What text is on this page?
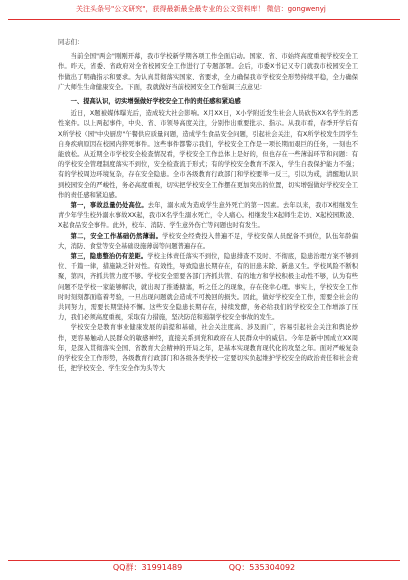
关注头条号"公文研究"，获得最新最全最专业的公文资料库！ 微信：gongwenyj

同志们：

当前全国"两会"刚刚开幕，我市学校新学期各项工作全面启动。国家、省、市始终高度重视学校安全工作。昨天，省委、省政府对全省校园安全工作进行了专题部署。会后，市委X书记又专门就我市校园安全工作做出了明确指示和要求。为认真贯彻落实国家、省要求，全力确保我市学校安全形势持续平稳，全力确保广大师生生命健康安全。下面，我就做好当前校园安全工作强调三点意见：

一、提高认识，切实增强做好学校安全工作的责任感和紧迫感

近日，X题被媒体曝光后，造成较大社会影响。X月XX日，X小学附近发生社会人员砍伤XX名学生的恶性案件。以上两起事件，中央、省、市领导高度关注，分别作出重要批示、指示。从我市看，春季开学后有X所学校（园"中央厨房"午餐供应质量问题，造成学生食品安全问题，引起社会关注，有X所学校发生因学生自身疾病原因在校园内猝死事件。这些事件都警示我们，学校安全工作是一项长期而艰巨的任务，一刻也不能放松。从近期全市学校安全检查情况看，学校安全工作总体上是好的，但也存在一些薄弱环节和问题：有的学校安全管理制度落实不到位，安全检查流于形式；有的学校安全教育不深入，学生自我保护能力不强；有的学校周边环境复杂，存在安全隐患。全市各级教育行政部门和学校要举一反三，引以为戒，清醒地认识到校园安全的严峻性，务必高度重视，切实把学校安全工作摆在更加突出的位置，切实增强做好学校安全工作的责任感和紧迫感。

第一，事故总量仍处高位。去年，溺水成为造成学生意外死亡的第一因素。去年以来，我市X相继发生青少年学生校外溺水事故XX起，我市X名学生溺水死亡，令人痛心。相继发生X起师生走访、X起校园欺凌、X起食品安全事件。此外，校车、消防、学生意外伤亡等问题也时有发生。

第二，安全工作基础仍然薄弱。学校安全经费投入普遍不足，学校安保人员配备不到位，队伍年龄偏大，消防、食堂等安全基础设施薄弱等问题普遍存在。

第三，隐患整治仍有差距。学校主体责任落实不到位，隐患排查不及时、不彻底，隐患治理方案不够到位、千篇一律，措施缺乏针对性。有效性，导致隐患长期存在，有的旧患未除、新患又生。学校风险不断积聚，第四，齐抓共管力度不够。学校安全需要各部门齐抓共管、有的地方和学校积极主动性不够，认为有些问题不是学校一家能够解决，就出现了推诿搪塞，听之任之的现象，存在侥幸心理。事实上，学校安全工作时时刻刻都面临着考验，一旦出现问题就会造成不可挽回的损失。因此，做好学校安全工作，需要全社会的共同努力，需要长期坚持不懈。这些安全隐患长期存在，持续发酵，务必给我们的学校安全工作增添了压力，我们必须高度重视，采取有力措施，坚决防范和遏制学校安全事故的发生。

学校安全是教育事业健康发展的前提和基础，社会关注度高、涉及面广，容易引起社会关注和舆论炒作，更容易触动人民群众的敏感神经，直接关系到党和政府在人民群众中的威信。今年是新中国成立XX周年，是深入贯彻落实全国、省教育大会精神的开局之年，是基本实现教育现代化的攻坚之年。面对严峻复杂的学校安全工作形势，各级教育行政部门和各级各类学校一定要切实负起维护学校安全的政治责任和社会责任，把学校安全、学生安全作为头等大

QQ群：31991489	QQ：535304092
